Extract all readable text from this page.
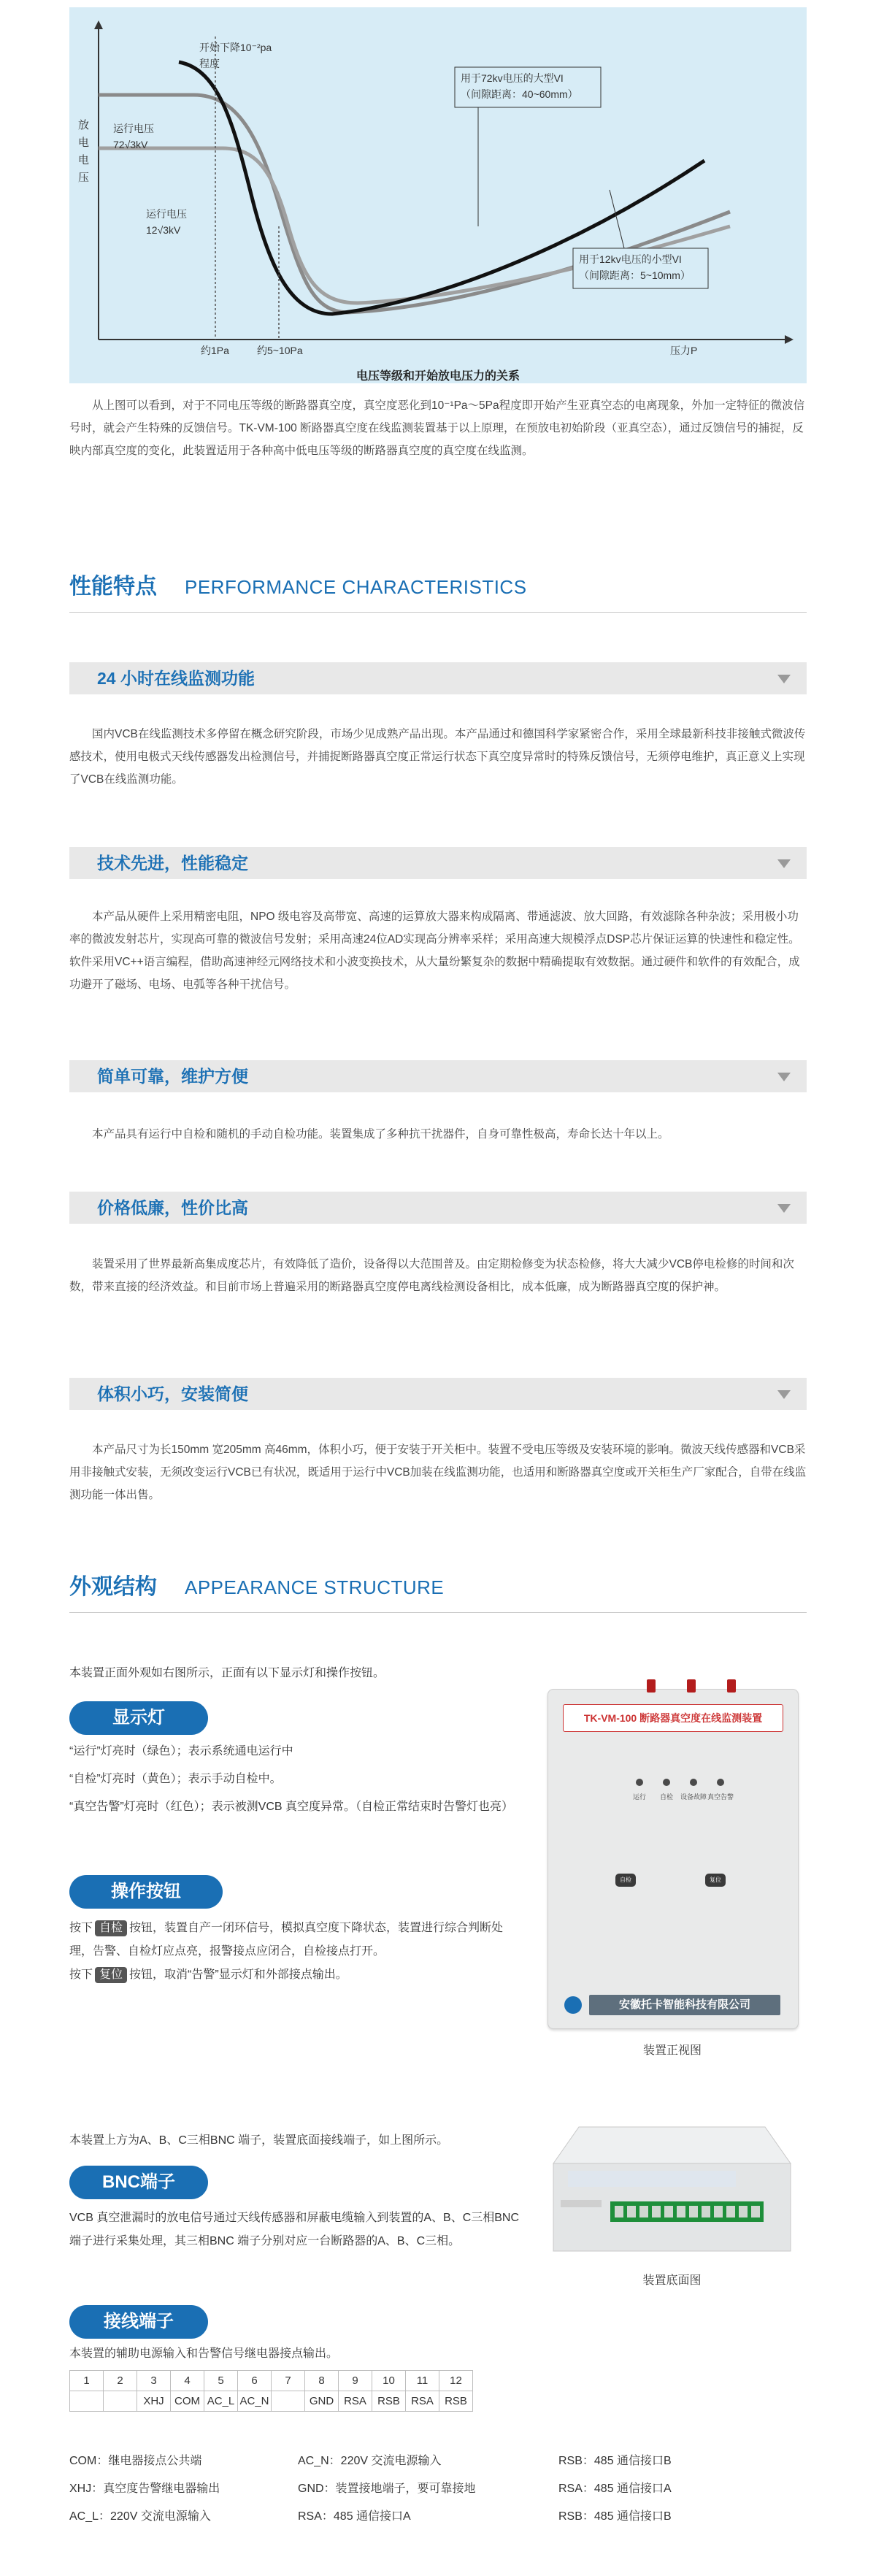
放
电
电
压
开始下降10⁻²pa
程度
运行电压
72√3kV
运行电压
12√3kV
用于72kv电压的大型VI
（间隙距离：40~60mm）
用于12kv电压的小型VI
（间隙距离：5~10mm）
约1Pa	约5~10Pa	压力P
电压等级和开始放电压力的关系

从上图可以看到，对于不同电压等级的断路器真空度，真空度恶化到10⁻¹Pa～5Pa程度即开始产生亚真空态的电离现象，外加一定特征的微波信号时，就会产生特殊的反馈信号。TK-VM-100 断路器真空度在线监测装置基于以上原理，在预放电初始阶段（亚真空态），通过反馈信号的捕捉，反映内部真空度的变化，此装置适用于各种高中低电压等级的断路器真空度的真空度在线监测。

性能特点 PERFORMANCE CHARACTERISTICS
24 小时在线监测功能

国内VCB在线监测技术多停留在概念研究阶段，市场少见成熟产品出现。本产品通过和德国科学家紧密合作，采用全球最新科技非接触式微波传感技术，使用电极式天线传感器发出检测信号，并捕捉断路器真空度正常运行状态下真空度异常时的特殊反馈信号，无须停电维护，真正意义上实现了VCB在线监测功能。

技术先进，性能稳定

本产品从硬件上采用精密电阻，NPO 级电容及高带宽、高速的运算放大器来构成隔离、带通滤波、放大回路，有效滤除各种杂波；采用极小功率的微波发射芯片，实现高可靠的微波信号发射；采用高速24位AD实现高分辨率采样；采用高速大规模浮点DSP芯片保证运算的快速性和稳定性。软件采用VC++语言编程，借助高速神经元网络技术和小波变换技术，从大量纷繁复杂的数据中精确提取有效数据。通过硬件和软件的有效配合，成功避开了磁场、电场、电弧等各种干扰信号。

简单可靠，维护方便

本产品具有运行中自检和随机的手动自检功能。装置集成了多种抗干扰器件，自身可靠性极高，寿命长达十年以上。

价格低廉，性价比高

装置采用了世界最新高集成度芯片，有效降低了造价，设备得以大范围普及。由定期检修变为状态检修，将大大减少VCB停电检修的时间和次数，带来直接的经济效益。和目前市场上普遍采用的断路器真空度停电离线检测设备相比，成本低廉，成为断路器真空度的保护神。

体积小巧，安装简便

本产品尺寸为长150mm 宽205mm 高46mm，体积小巧，便于安装于开关柜中。装置不受电压等级及安装环境的影响。微波天线传感器和VCB采用非接触式安装，无须改变运行VCB已有状况，既适用于运行中VCB加装在线监测功能，也适用和断路器真空度或开关柜生产厂家配合，自带在线监测功能一体出售。

外观结构 APPEARANCE STRUCTURE

本装置正面外观如右图所示，正面有以下显示灯和操作按钮。

显示灯

“运行”灯亮时（绿色）；表示系统通电运行中

“自检”灯亮时（黄色）；表示手动自检中。

“真空告警”灯亮时（红色）；表示被测VCB 真空度异常。（自检正常结束时告警灯也亮）

操作按钮
按下 自检 按钮，装置自产一闭环信号，模拟真空度下降状态，装置进行综合判断处理，告警、自检灯应点亮，报警接点应闭合，自检接点打开。
按下 复位 按钮，取消“告警”显示灯和外部接点输出。
TK-VM-100 断路器真空度在线监测装置
运行	自检	设备故障 真空告警
自检	复位
安徽托卡智能科技有限公司
装置正视图

本装置上方为A、B、C三相BNC 端子，装置底面接线端子，如上图所示。

BNC端子

VCB 真空泄漏时的放电信号通过天线传感器和屏蔽电缆输入到装置的A、B、C三相BNC 端子进行采集处理，其三相BNC 端子分别对应一台断路器的A、B、C三相。

装置底面图
接线端子

本装置的辅助电源输入和告警信号继电器接点输出。

1	2	3	4	5	6	7	8	9	10	11	12
		XHJ	COM	AC_L	AC_N		GND	RSA	RSB	RSA	RSB
COM：继电器接点公共端
XHJ：真空度告警继电器输出
AC_L：220V 交流电源输入
AC_N：220V 交流电源输入
GND：装置接地端子，要可靠接地
RSA：485 通信接口A
RSB：485 通信接口B
RSA：485 通信接口A
RSB：485 通信接口B
